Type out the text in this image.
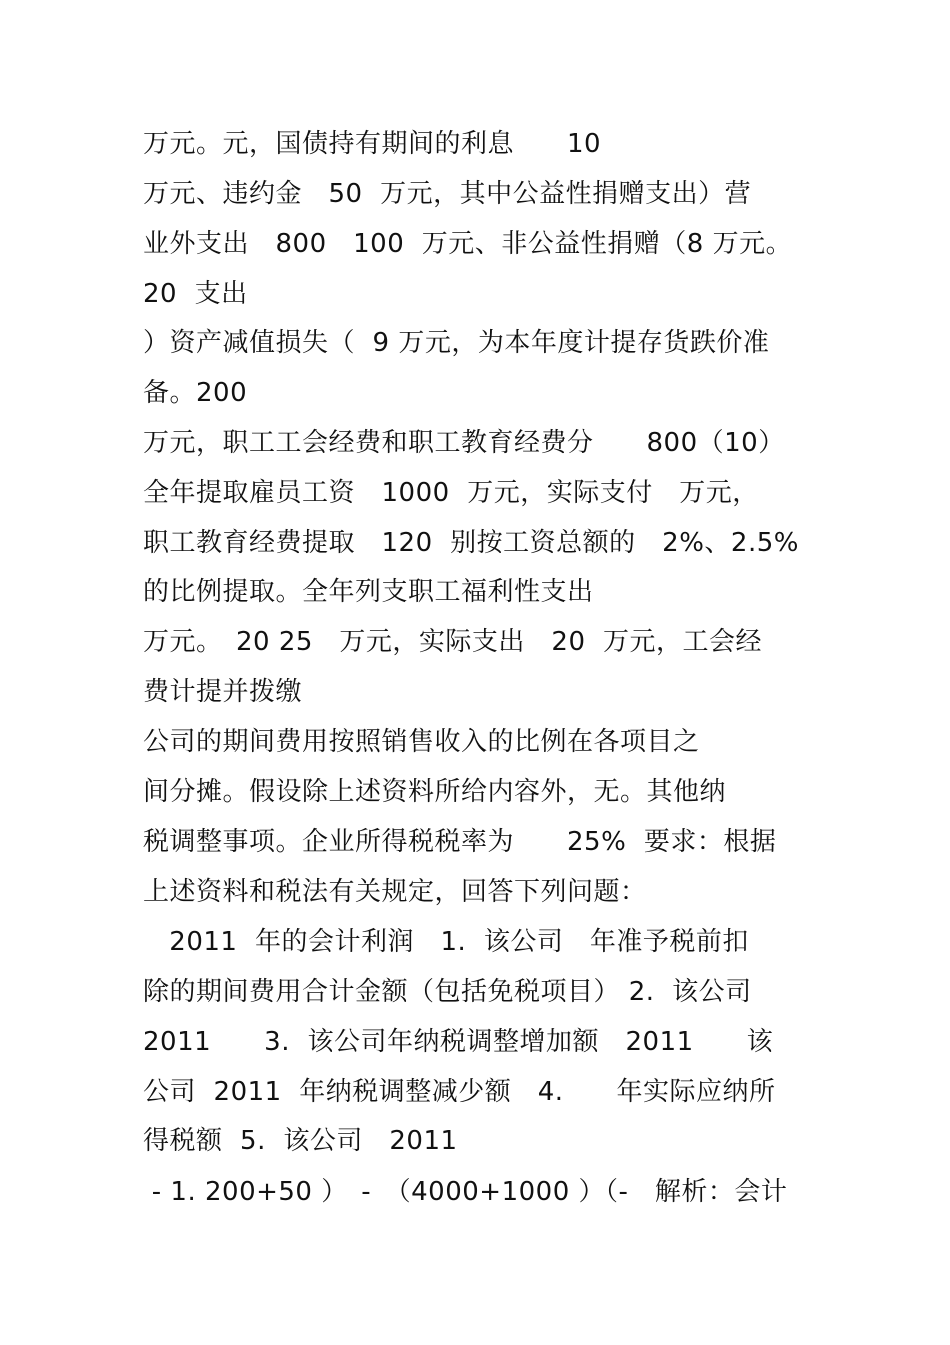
万元。元，国债持有期间的利息　　10
万元、违约金　50  万元，其中公益性捐赠支出）营
业外支出　800　100  万元、非公益性捐赠（8 万元。
20  支出
）资产减值损失（  9 万元，为本年度计提存货跌价准
备。200
万元，职工工会经费和职工教育经费分　　800（10）
全年提取雇员工资　1000  万元，实际支付　万元，
职工教育经费提取　120  别按工资总额的　2%、2.5%
的比例提取。全年列支职工福利性支出
万元。　20 25　万元，实际支出　20  万元，工会经
费计提并拨缴
公司的期间费用按照销售收入的比例在各项目之
间分摊。假设除上述资料所给内容外，无。其他纳
税调整事项。企业所得税税率为　　25%  要求：根据
上述资料和税法有关规定，回答下列问题：
2011  年的会计利润　1.  该公司　年准予税前扣
除的期间费用合计金额（包括免税项目） 2.  该公司
2011　　3.  该公司年纳税调整增加额　2011　　该
公司  2011  年纳税调整减少额　4.　　年实际应纳所
得税额  5.  该公司　2011
- 1. 200+50 ）　-　（4000+1000 ）（-　解析：会计
